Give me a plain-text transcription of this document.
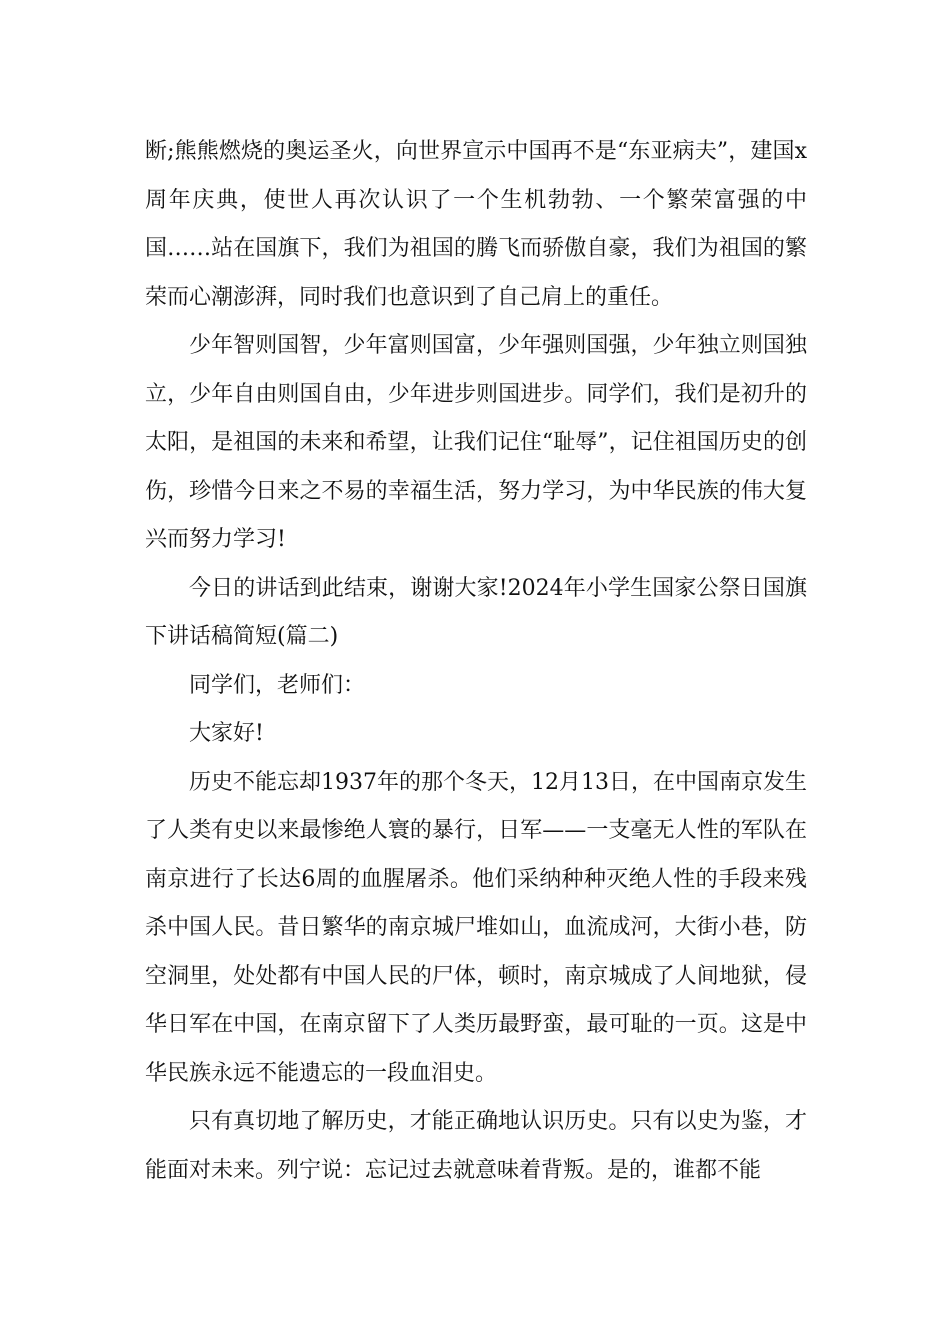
断;熊熊燃烧的奥运圣火，向世界宣示中国再不是“东亚病夫”，建国x周年庆典，使世人再次认识了一个生机勃勃、一个繁荣富强的中国……站在国旗下，我们为祖国的腾飞而骄傲自豪，我们为祖国的繁荣而心潮澎湃，同时我们也意识到了自己肩上的重任。

少年智则国智，少年富则国富，少年强则国强，少年独立则国独立，少年自由则国自由，少年进步则国进步。同学们，我们是初升的太阳，是祖国的未来和希望，让我们记住“耻辱”，记住祖国历史的创伤，珍惜今日来之不易的幸福生活，努力学习，为中华民族的伟大复兴而努力学习!

今日的讲话到此结束，谢谢大家!2024年小学生国家公祭日国旗下讲话稿简短(篇二)

同学们，老师们：

大家好!

历史不能忘却1937年的那个冬天，12月13日，在中国南京发生了人类有史以来最惨绝人寰的暴行，日军——一支毫无人性的军队在南京进行了长达6周的血腥屠杀。他们采纳种种灭绝人性的手段来残杀中国人民。昔日繁华的南京城尸堆如山，血流成河，大街小巷，防空洞里，处处都有中国人民的尸体，顿时，南京城成了人间地狱，侵华日军在中国，在南京留下了人类历最野蛮，最可耻的一页。这是中华民族永远不能遗忘的一段血泪史。

只有真切地了解历史，才能正确地认识历史。只有以史为鉴，才能面对未来。列宁说：忘记过去就意味着背叛。是的，谁都不能
